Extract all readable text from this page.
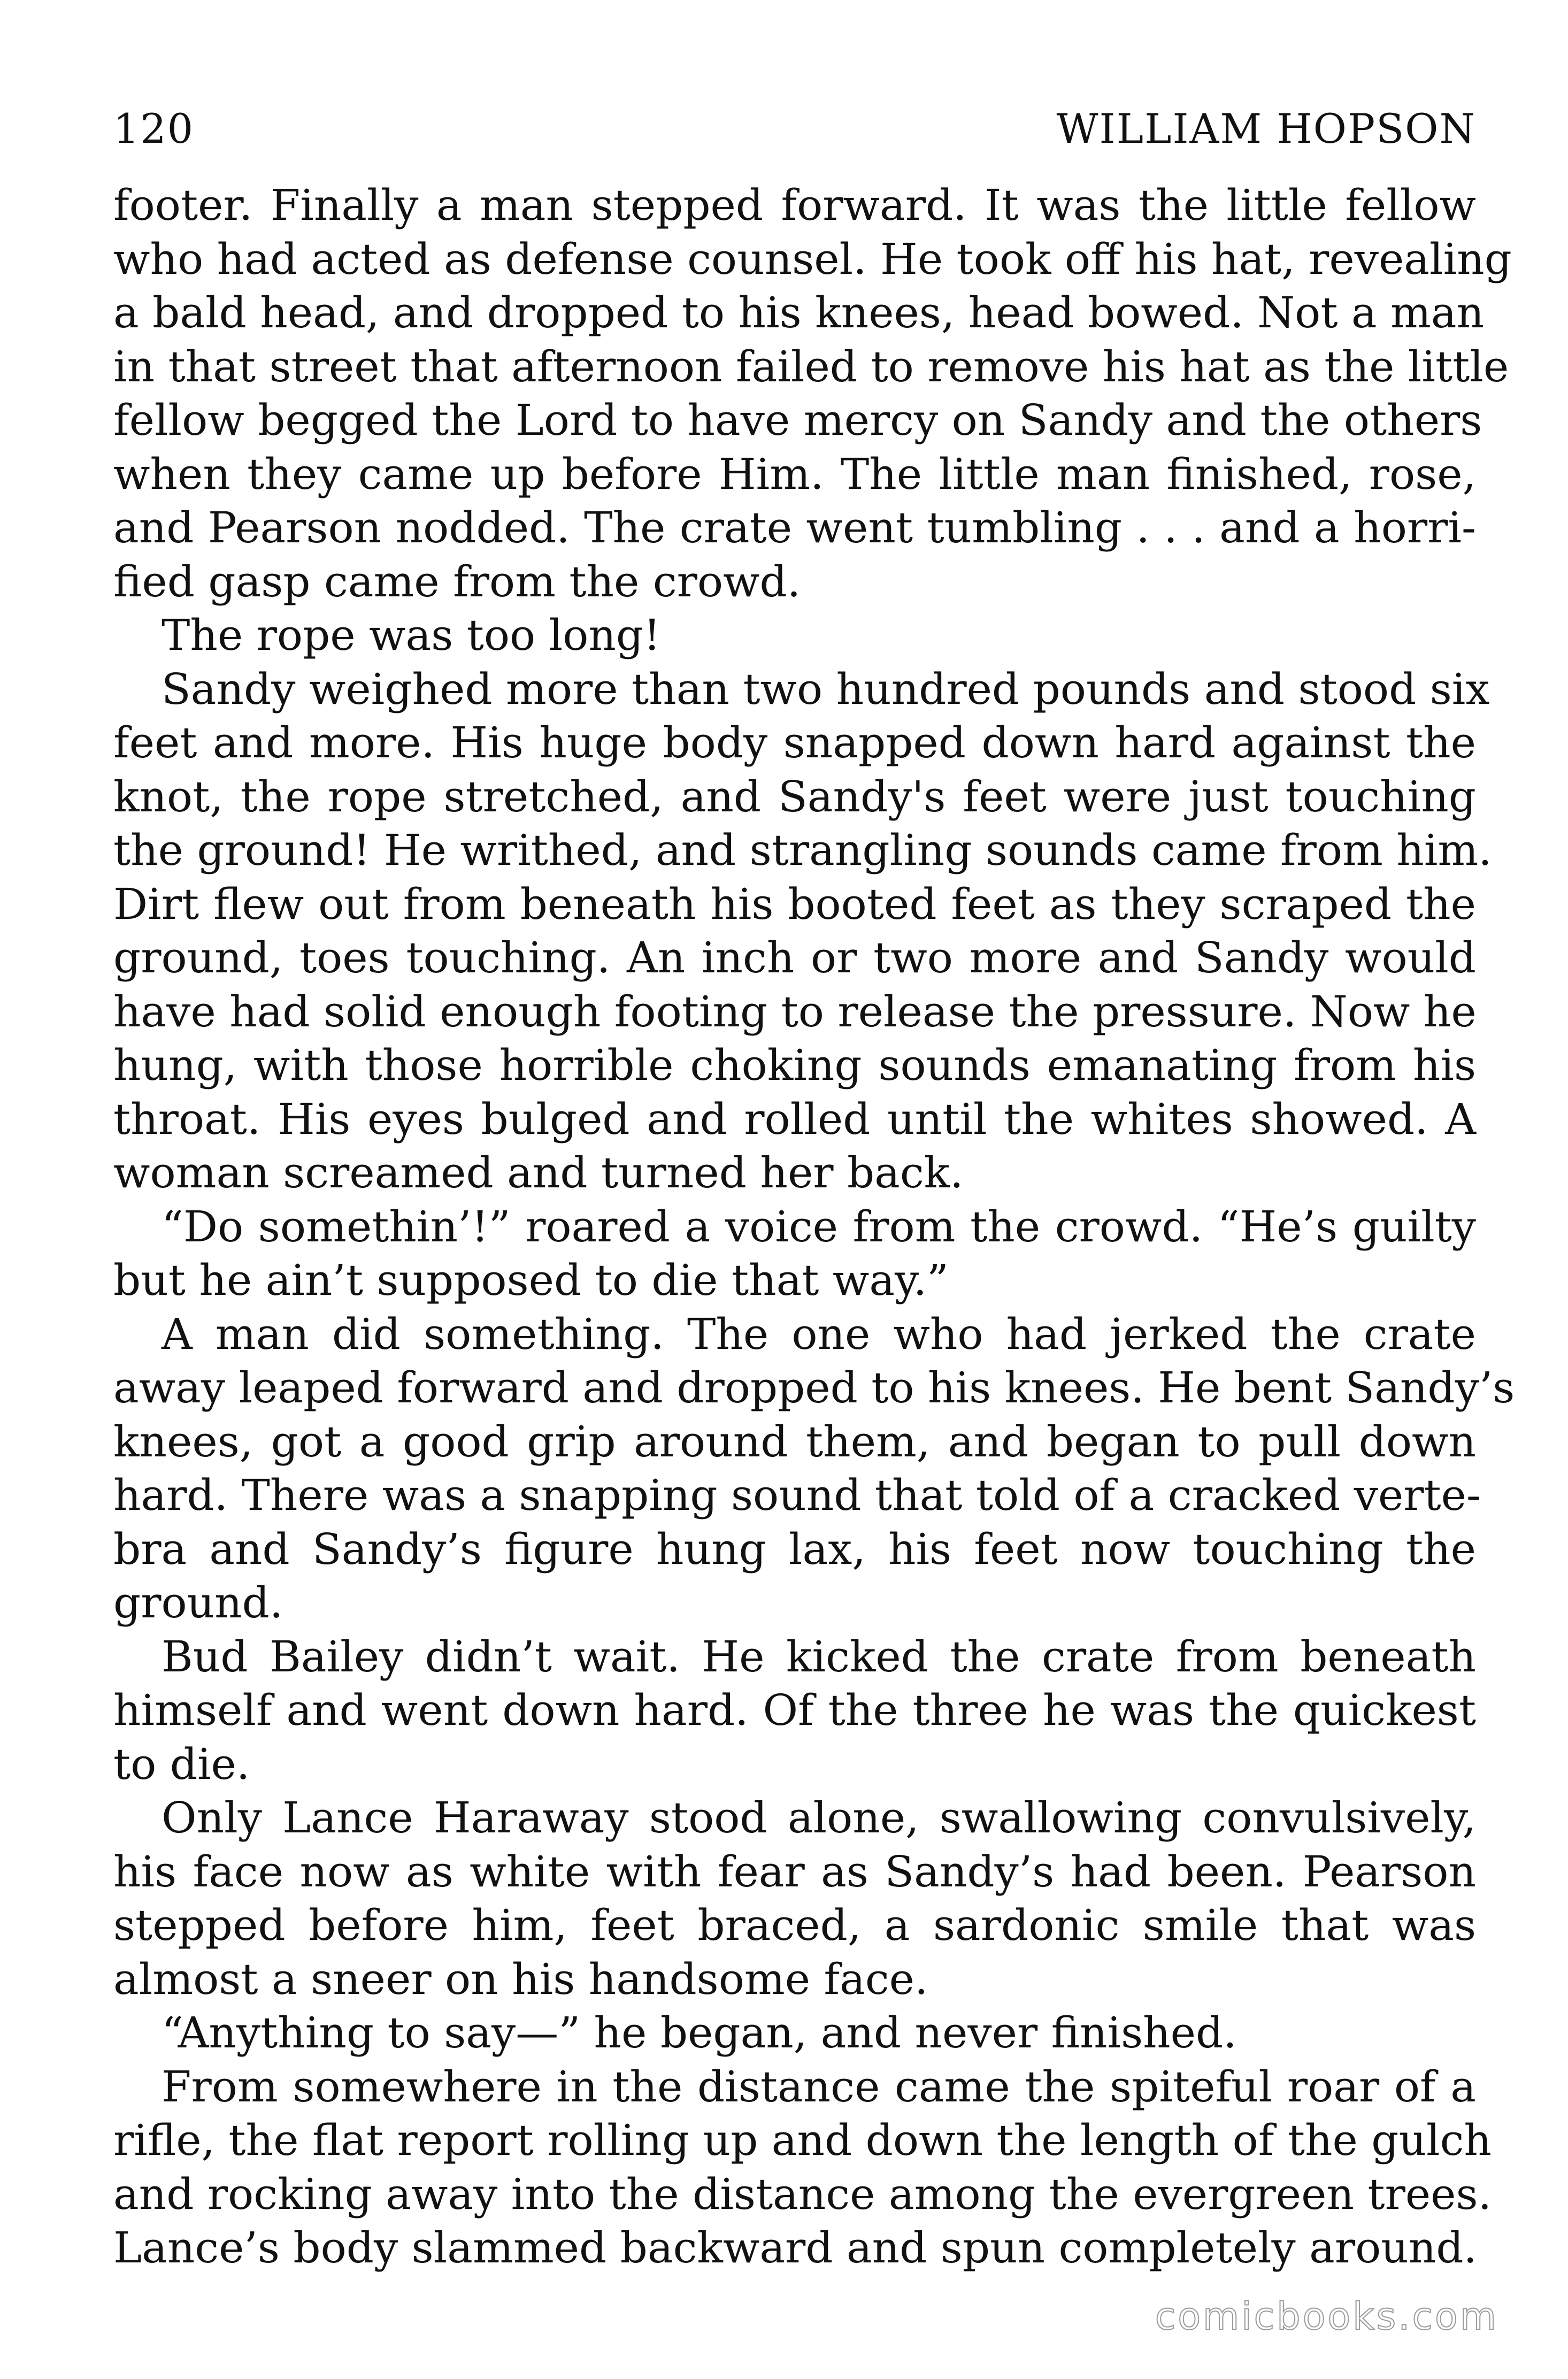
120	WILLIAM HOPSON
footer. Finally a man stepped forward. It was the little fellow
who had acted as defense counsel. He took off his hat, revealing
a bald head, and dropped to his knees, head bowed. Not a man
in that street that afternoon failed to remove his hat as the little
fellow begged the Lord to have mercy on Sandy and the others
when they came up before Him. The little man finished, rose,
and Pearson nodded. The crate went tumbling . . . and a horri-
fied gasp came from the crowd.
The rope was too long!
Sandy weighed more than two hundred pounds and stood six
feet and more. His huge body snapped down hard against the
knot, the rope stretched, and Sandy's feet were just touching
the ground! He writhed, and strangling sounds came from him.
Dirt flew out from beneath his booted feet as they scraped the
ground, toes touching. An inch or two more and Sandy would
have had solid enough footing to release the pressure. Now he
hung, with those horrible choking sounds emanating from his
throat. His eyes bulged and rolled until the whites showed. A
woman screamed and turned her back.
“Do somethin’!” roared a voice from the crowd. “He’s guilty
but he ain’t supposed to die that way.”
A man did something. The one who had jerked the crate
away leaped forward and dropped to his knees. He bent Sandy’s
knees, got a good grip around them, and began to pull down
hard. There was a snapping sound that told of a cracked verte-
bra and Sandy’s figure hung lax, his feet now touching the
ground.
Bud Bailey didn’t wait. He kicked the crate from beneath
himself and went down hard. Of the three he was the quickest
to die.
Only Lance Haraway stood alone, swallowing convulsively,
his face now as white with fear as Sandy’s had been. Pearson
stepped before him, feet braced, a sardonic smile that was
almost a sneer on his handsome face.
“Anything to say—” he began, and never finished.
From somewhere in the distance came the spiteful roar of a
rifle, the flat report rolling up and down the length of the gulch
and rocking away into the distance among the evergreen trees.
Lance’s body slammed backward and spun completely around.
comicbooks.com
